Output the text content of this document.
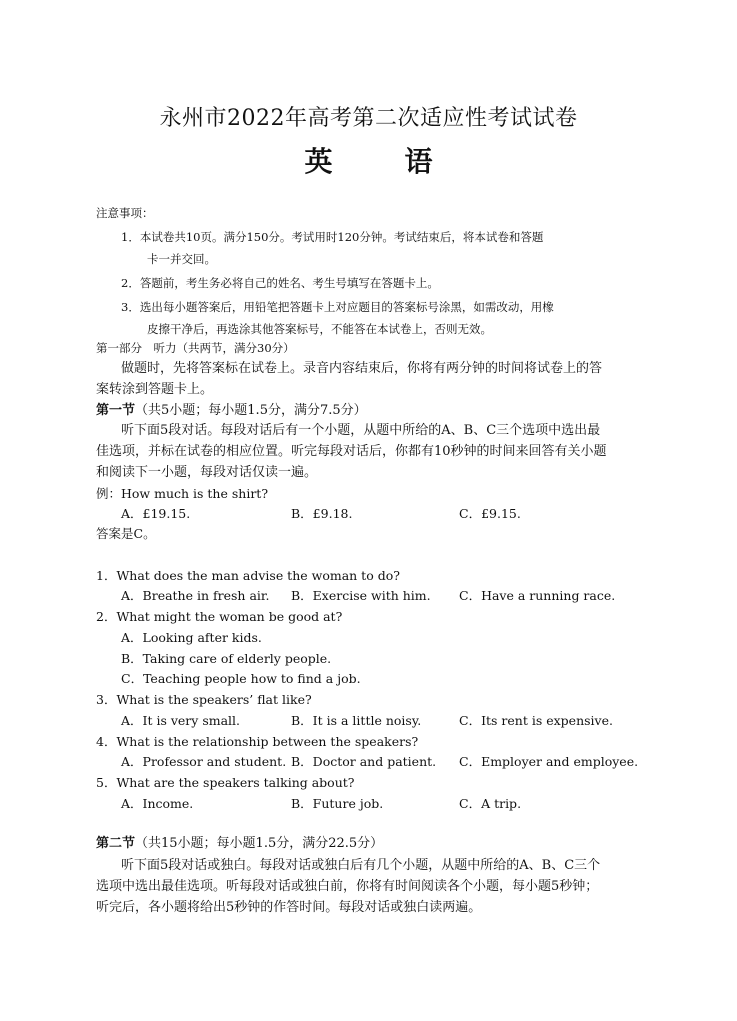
永州市2022年高考第二次适应性考试试卷
英　语
注意事项：
1．本试卷共10页。满分150分。考试用时120分钟。考试结束后，将本试卷和答题
卡一并交回。
2．答题前，考生务必将自己的姓名、考生号填写在答题卡上。
3．选出每小题答案后，用铅笔把答题卡上对应题目的答案标号涂黑，如需改动，用橡
皮擦干净后，再选涂其他答案标号，不能答在本试卷上，否则无效。
第一部分　听力（共两节，满分30分）
做题时，先将答案标在试卷上。录音内容结束后，你将有两分钟的时间将试卷上的答
案转涂到答题卡上。
第一节（共5小题；每小题1.5分，满分7.5分）
听下面5段对话。每段对话后有一个小题，从题中所给的A、B、C三个选项中选出最
佳选项，并标在试卷的相应位置。听完每段对话后，你都有10秒钟的时间来回答有关小题
和阅读下一小题，每段对话仅读一遍。
例：How much is the shirt?
A．£19.15.	B．£9.18.	C．£9.15.
答案是C。
1．What does the man advise the woman to do?
A．Breathe in fresh air. B．Exercise with him. C．Have a running race.
2．What might the woman be good at?
A．Looking after kids.
B．Taking care of elderly people.
C．Teaching people how to find a job.
3．What is the speakers’ flat like?
A．It is very small.	B．It is a little noisy.	C．Its rent is expensive.
4．What is the relationship between the speakers?
A．Professor and student. B．Doctor and patient. C．Employer and employee.
5．What are the speakers talking about?
A．Income.	B．Future job.	C．A trip.
第二节（共15小题；每小题1.5分，满分22.5分）
听下面5段对话或独白。每段对话或独白后有几个小题，从题中所给的A、B、C三个
选项中选出最佳选项。听每段对话或独白前，你将有时间阅读各个小题，每小题5秒钟；
听完后，各小题将给出5秒钟的作答时间。每段对话或独白读两遍。
